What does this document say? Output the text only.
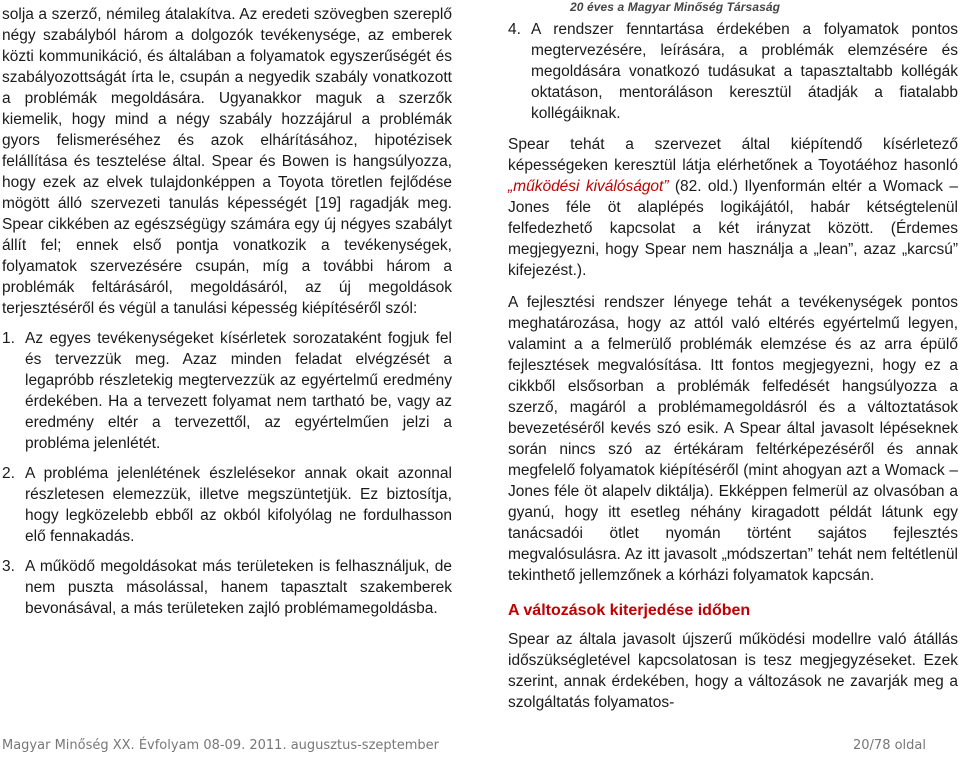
20 éves a Magyar Minőség Társaság

solja a szerző, némileg átalakítva. Az eredeti szövegben szereplő négy szabályból három a dolgozók tevékenysége, az emberek közti kommunikáció, és általában a folyamatok egyszerűségét és szabályozottságát írta le, csupán a negyedik szabály vonatkozott a problémák megoldására. Ugyanakkor maguk a szerzők kiemelik, hogy mind a négy szabály hozzájárul a problémák gyors felismeréséhez és azok elhárításához, hipotézisek felállítása és tesztelése által. Spear és Bowen is hangsúlyozza, hogy ezek az elvek tulajdonképpen a Toyota töretlen fejlődése mögött álló szervezeti tanulás képességét [19] ragadják meg. Spear cikkében az egészségügy számára egy új négyes szabályt állít fel; ennek első pontja vonatkozik a tevékenységek, folyamatok szervezésére csupán, míg a további három a problémák feltárásáról, megoldásáról, az új megoldások terjesztéséről és végül a tanulási képesség kiépítéséről szól:

1. Az egyes tevékenységeket kísérletek sorozataként fogjuk fel és tervezzük meg. Azaz minden feladat elvégzését a legapróbb részletekig megtervezzük az egyértelmű eredmény érdekében. Ha a tervezett folyamat nem tartható be, vagy az eredmény eltér a tervezettől, az egyértelműen jelzi a probléma jelenlétét.
2. A probléma jelenlétének észlelésekor annak okait azonnal részletesen elemezzük, illetve megszüntetjük. Ez biztosítja, hogy legközelebb ebből az okból kifolyólag ne fordulhasson elő fennakadás.
3. A működő megoldásokat más területeken is felhasználjuk, de nem puszta másolással, hanem tapasztalt szakemberek bevonásával, a más területeken zajló problémamegoldásba.
4. A rendszer fenntartása érdekében a folyamatok pontos megtervezésére, leírására, a problémák elemzésére és megoldására vonatkozó tudásukat a tapasztaltabb kollégák oktatáson, mentoráláson keresztül átadják a fiatalabb kollégáiknak.

Spear tehát a szervezet által kiépítendő kísérletező képességeken keresztül látja elérhetőnek a Toyotáéhoz hasonló „működési kiválóságot” (82. old.) Ilyenformán eltér a Womack – Jones féle öt alaplépés logikájától, habár kétségtelenül felfedezhető kapcsolat a két irányzat között. (Érdemes megjegyezni, hogy Spear nem használja a „lean”, azaz „karcsú” kifejezést.).

A fejlesztési rendszer lényege tehát a tevékenységek pontos meghatározása, hogy az attól való eltérés egyértelmű legyen, valamint a a felmerülő problémák elemzése és az arra épülő fejlesztések megvalósítása. Itt fontos megjegyezni, hogy ez a cikkből elsősorban a problémák felfedését hangsúlyozza a szerző, magáról a problémamegoldásról és a változtatások bevezetéséről kevés szó esik. A Spear által javasolt lépéseknek során nincs szó az értékáram feltérképezéséről és annak megfelelő folyamatok kiépítéséről (mint ahogyan azt a Womack – Jones féle öt alapelv diktálja). Ekképpen felmerül az olvasóban a gyanú, hogy itt esetleg néhány kiragadott példát látunk egy tanácsadói ötlet nyomán történt sajátos fejlesztés megvalósulásra. Az itt javasolt „módszertan” tehát nem feltétlenül tekinthető jellemzőnek a kórházi folyamatok kapcsán.

A változások kiterjedése időben

Spear az általa javasolt újszerű működési modellre való átállás időszükségletével kapcsolatosan is tesz megjegyzéseket. Ezek szerint, annak érdekében, hogy a változások ne zavarják meg a szolgáltatás folyamatos-

Magyar Minőség XX. Évfolyam 08-09. 2011. augusztus-szeptember	20/78 oldal
